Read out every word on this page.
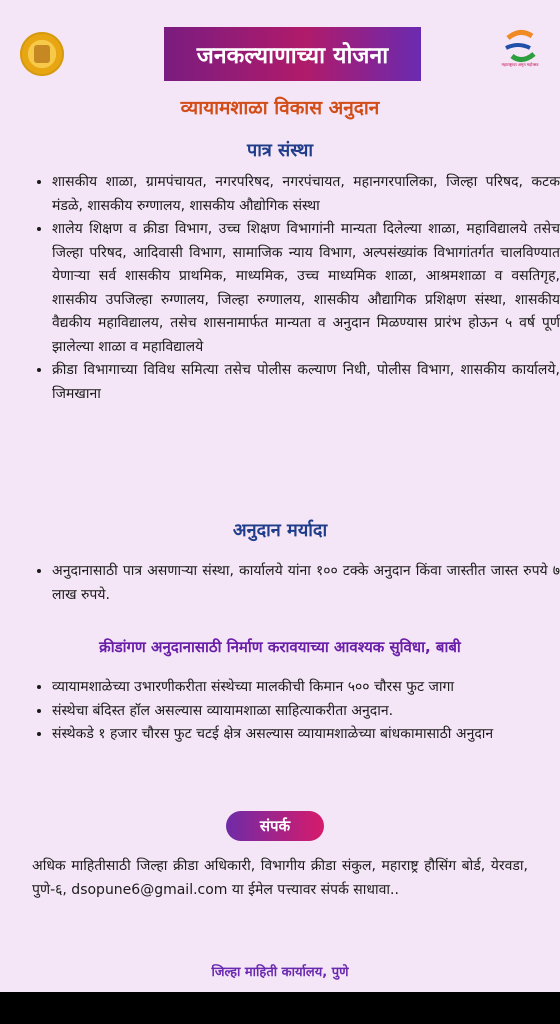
जनकल्याणाच्या योजना	महाराष्ट्राचा अमृत महोत्सव
व्यायामशाळा विकास अनुदान
पात्र संस्था
• शासकीय शाळा, ग्रामपंचायत, नगरपरिषद, नगरपंचायत, महानगरपालिका, जिल्हा परिषद, कटक मंडळे, शासकीय रुग्णालय, शासकीय औद्योगिक संस्था
• शालेय शिक्षण व क्रीडा विभाग, उच्च शिक्षण विभागांनी मान्यता दिलेल्या शाळा, महाविद्यालये तसेच जिल्हा परिषद, आदिवासी विभाग, सामाजिक न्याय विभाग, अल्पसंख्यांक विभागांतर्गत चालविण्यात येणाऱ्या सर्व शासकीय प्राथमिक, माध्यमिक, उच्च माध्यमिक शाळा, आश्रमशाळा व वसतिगृह, शासकीय उपजिल्हा रुग्णालय, जिल्हा रुग्णालय, शासकीय औद्यागिक प्रशिक्षण संस्था, शासकीय वैद्यकीय महाविद्यालय, तसेच शासनामार्फत मान्यता व अनुदान मिळण्यास प्रारंभ होऊन ५ वर्ष पूर्ण झालेल्या शाळा व महाविद्यालये
• क्रीडा विभागाच्या विविध समित्या तसेच पोलीस कल्याण निधी, पोलीस विभाग, शासकीय कार्यालये, जिमखाना
अनुदान मर्यादा
• अनुदानासाठी पात्र असणाऱ्या संस्था, कार्यालये यांना १०० टक्के अनुदान किंवा जास्तीत जास्त रुपये ७ लाख रुपये.
क्रीडांगण अनुदानासाठी निर्माण करावयाच्या आवश्यक सुविधा, बाबी
• व्यायामशाळेच्या उभारणीकरीता संस्थेच्या मालकीची किमान ५०० चौरस फुट जागा
• संस्थेचा बंदिस्त हॉल असल्यास व्यायामशाळा साहित्याकरीता अनुदान.
• संस्थेकडे १ हजार चौरस फुट चटई क्षेत्र असल्यास व्यायामशाळेच्या बांधकामासाठी अनुदान
संपर्क
अधिक माहितीसाठी जिल्हा क्रीडा अधिकारी, विभागीय क्रीडा संकुल, महाराष्ट्र हौसिंग बोर्ड, येरवडा, पुणे-६, dsopune6@gmail.com या ईमेल पत्त्यावर संपर्क साधावा..
जिल्हा माहिती कार्यालय, पुणे
